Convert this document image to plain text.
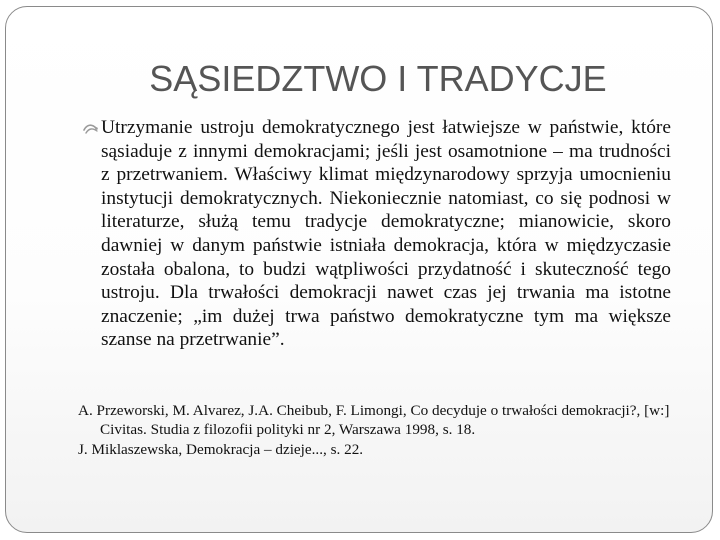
SĄSIEDZTWO I TRADYCJE
Utrzymanie ustroju demokratycznego jest łatwiejsze w państwie, które sąsiaduje z innymi demokracjami; jeśli jest osamotnione – ma trudności z przetrwaniem. Właściwy klimat międzynarodowy sprzyja umocnieniu instytucji demokratycznych. Niekoniecznie natomiast, co się podnosi w literaturze, służą temu tradycje demokratyczne; mianowicie, skoro dawniej w danym państwie istniała demokracja, która w międzyczasie została obalona, to budzi wątpliwości przydatność i skuteczność tego ustroju. Dla trwałości demokracji nawet czas jej trwania ma istotne znaczenie; „im dużej trwa państwo demokratyczne tym ma większe szanse na przetrwanie”.

A. Przeworski, M. Alvarez, J.A. Cheibub, F. Limongi, Co decyduje o trwałości demokracji?, [w:] Civitas. Studia z filozofii polityki nr 2, Warszawa 1998, s. 18.

J. Miklaszewska, Demokracja – dzieje..., s. 22.
